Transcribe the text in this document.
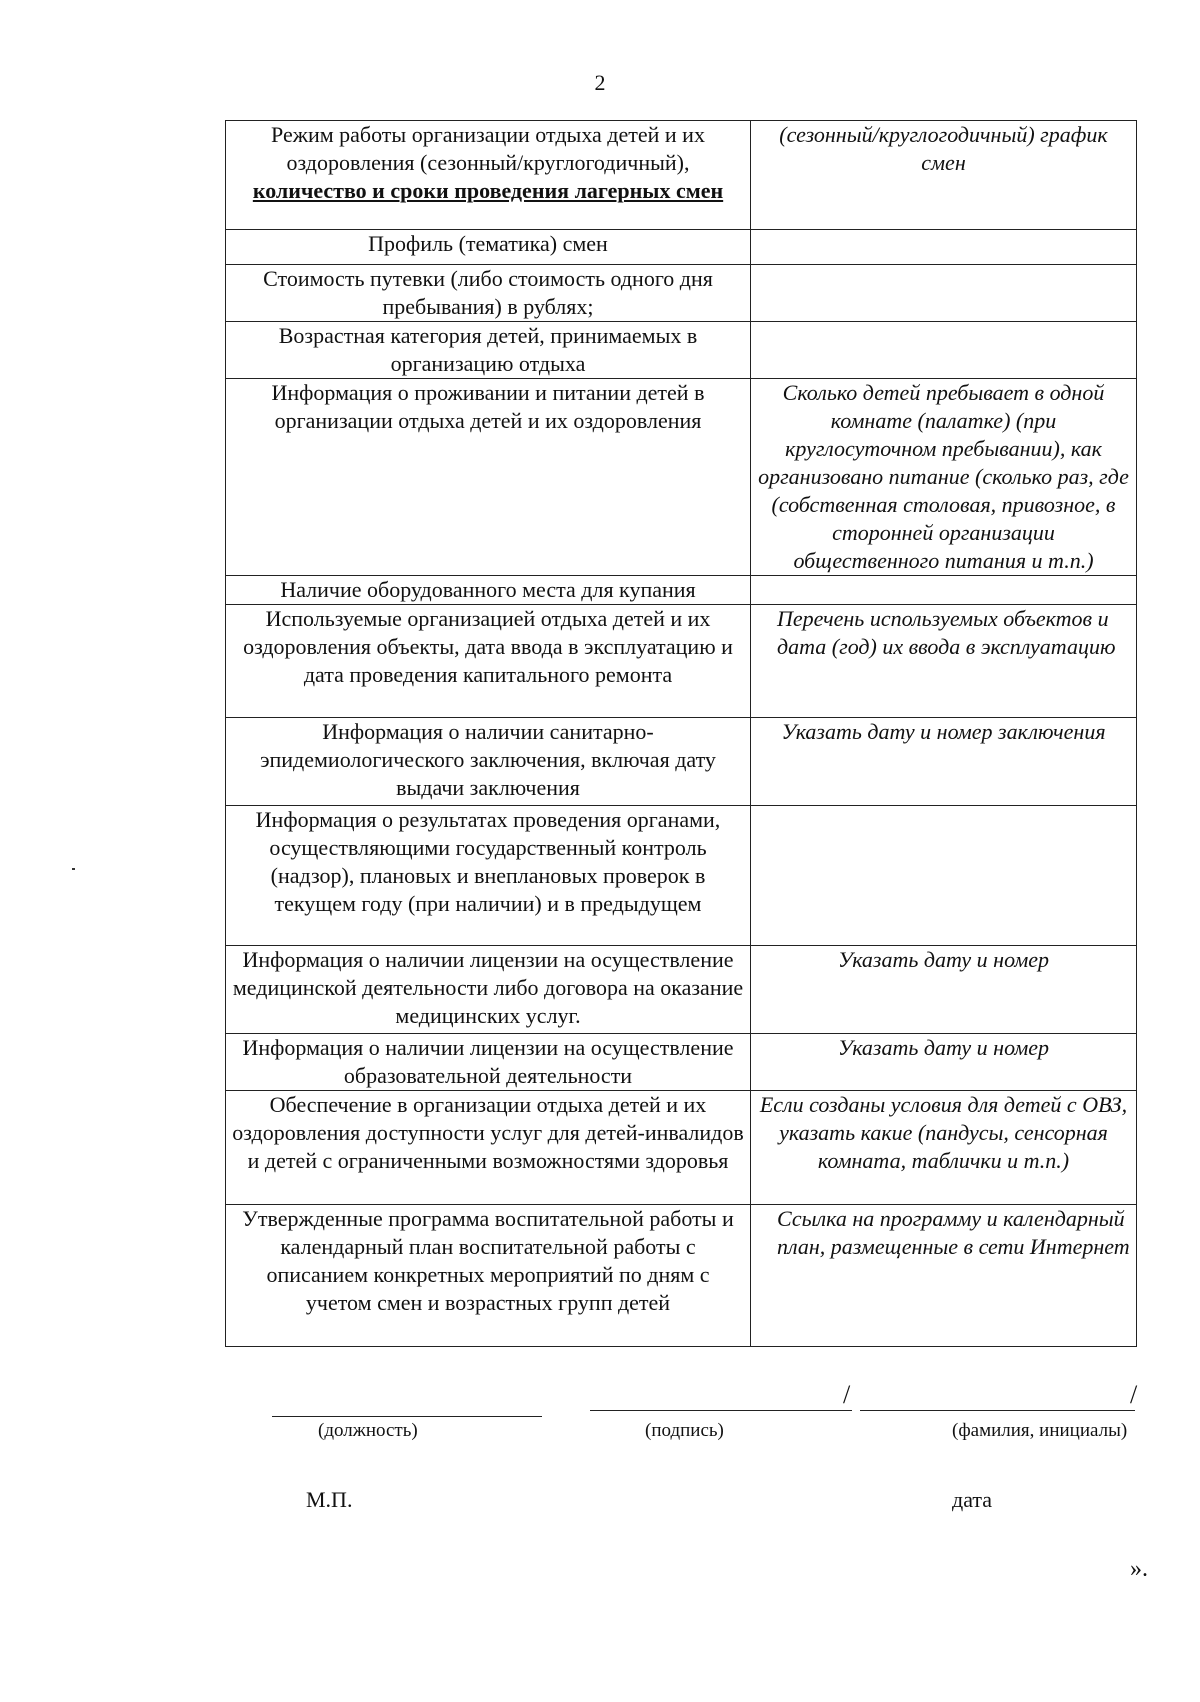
2
Режим работы организации отдыха детей и их оздоровления (сезонный/круглогодичный), количество и сроки проведения лагерных смен	(сезонный/круглогодичный) график смен

Профиль (тематика) смен	
Стоимость путевки (либо стоимость одного дня пребывания) в рублях;	
Возрастная категория детей, принимаемых в организацию отдыха	
Информация о проживании и питании детей в организации отдыха детей и их оздоровления	Сколько детей пребывает в одной комнате (палатке) (при круглосуточном пребывании), как организовано питание (сколько раз, где (собственная столовая, привозное, в сторонней организации общественного питания и т.п.)

Наличие оборудованного места для купания	
Используемые организацией отдыха детей и их оздоровления объекты, дата ввода в эксплуатацию и дата проведения капитального ремонта	Перечень используемых объектов и дата (год) их ввода в эксплуатацию

Информация о наличии санитарно-эпидемиологического заключения, включая дату выдачи заключения	Указать дату и номер заключения

Информация о результатах проведения органами, осуществляющими государственный контроль (надзор), плановых и внеплановых проверок в текущем году (при наличии) и в предыдущем	
Информация о наличии лицензии на осуществление медицинской деятельности либо договора на оказание медицинских услуг.	Указать дату и номер

Информация о наличии лицензии на осуществление образовательной деятельности	Указать дату и номер

Обеспечение в организации отдыха детей и их оздоровления доступности услуг для детей-инвалидов и детей с ограниченными возможностями здоровья	Если созданы условия для детей с ОВЗ, указать какие (пандусы, сенсорная комната, таблички и т.п.)

Утвержденные программа воспитательной работы и календарный план воспитательной работы с описанием конкретных мероприятий по дням с учетом смен и возрастных групп детей	Ссылка на программу и календарный план, размещенные в сети Интернет
/	/
(должность)	(подпись)	(фамилия, инициалы)
М.П.	дата
».
